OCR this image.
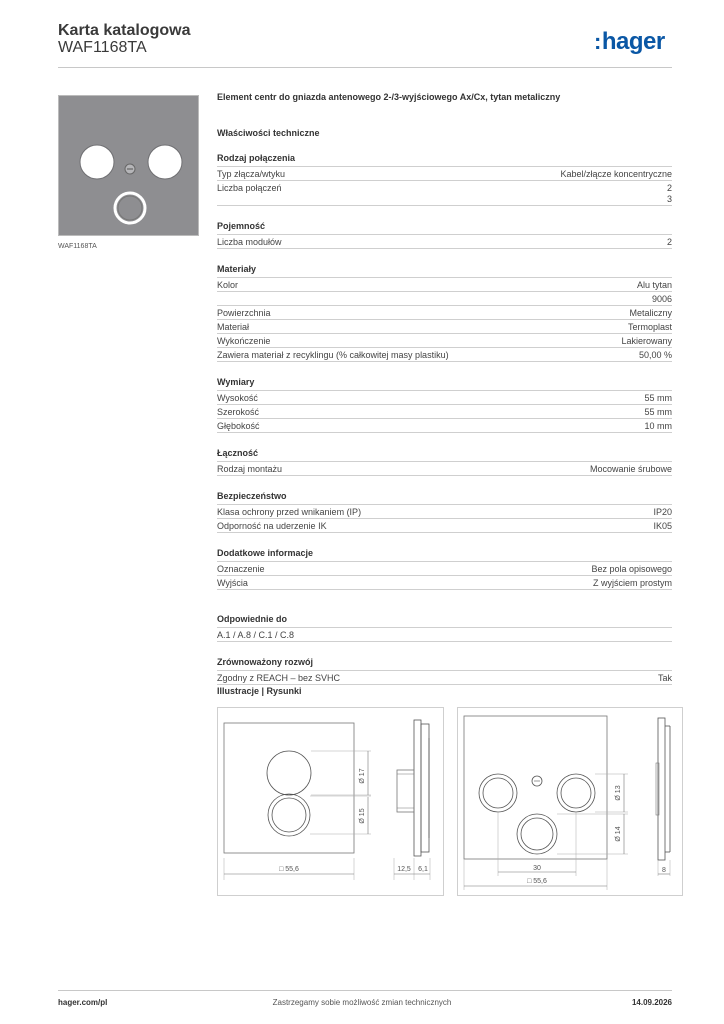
Karta katalogowa
WAF1168TA	:hager
WAF1168TA
Element centr do gniazda antenowego 2-/3-wyjściowego Ax/Cx, tytan metaliczny
Właściwości techniczne
Rodzaj połączenia
Typ złącza/wtyku	Kabel/złącze koncentryczne
Liczba połączeń	2
3
Pojemność
Liczba modułów	2
Materiały
Kolor	Alu tytan
9006
Powierzchnia	Metaliczny
Materiał	Termoplast
Wykończenie	Lakierowany
Zawiera materiał z recyklingu (% całkowitej masy plastiku)	50,00 %
Wymiary
Wysokość	55 mm
Szerokość	55 mm
Głębokość	10 mm
Łączność
Rodzaj montażu	Mocowanie śrubowe
Bezpieczeństwo
Klasa ochrony przed wnikaniem (IP)	IP20
Odporność na uderzenie IK	IK05
Dodatkowe informacje
Oznaczenie	Bez pola opisowego
Wyjścia	Z wyjściem prostym
Odpowiednie do
A.1 / A.8 / C.1 / C.8
Zrównoważony rozwój
Zgodny z REACH – bez SVHC	Tak
Illustracje | Rysunki
Ø 17
Ø 15
□ 55,6	12,5 6,1
Ø 13
Ø 14
30
□ 55,6
8
hager.com/pl	Zastrzegamy sobie możliwość zmian technicznych	14.09.2026
